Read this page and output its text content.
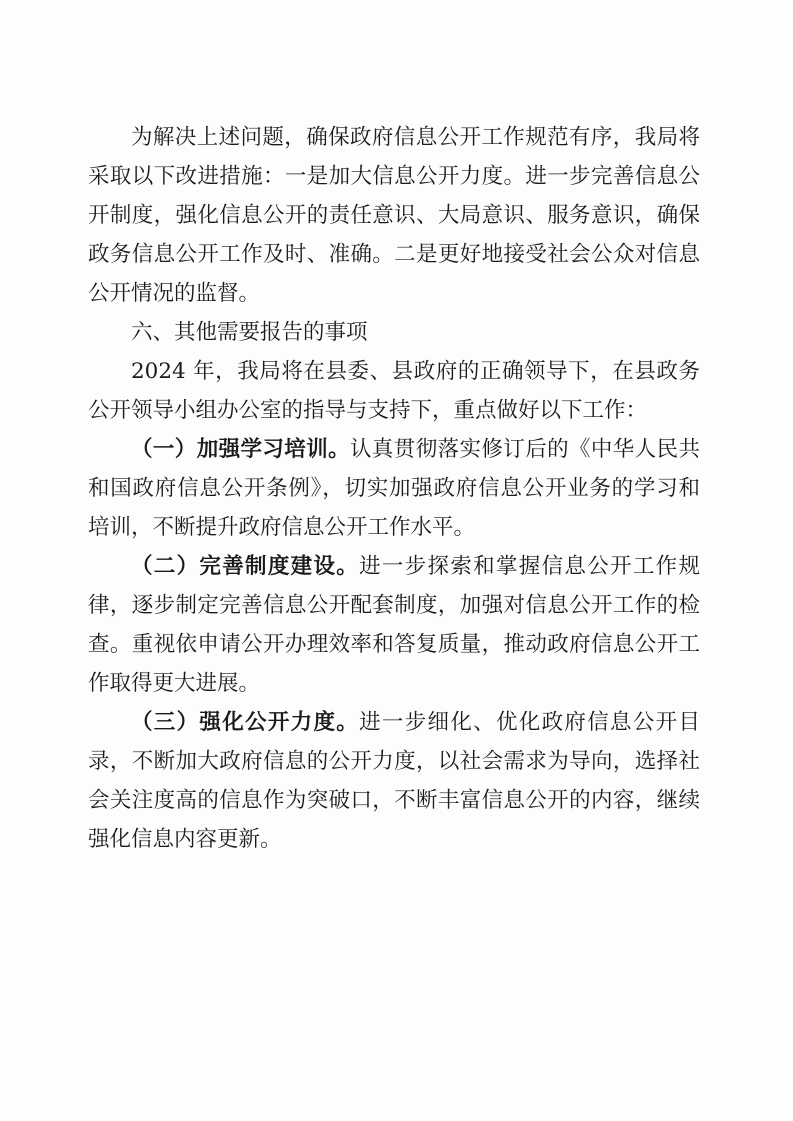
为解决上述问题，确保政府信息公开工作规范有序，我局将采取以下改进措施：一是加大信息公开力度。进一步完善信息公开制度，强化信息公开的责任意识、大局意识、服务意识，确保政务信息公开工作及时、准确。二是更好地接受社会公众对信息公开情况的监督。

六、其他需要报告的事项

2024 年，我局将在县委、县政府的正确领导下，在县政务公开领导小组办公室的指导与支持下，重点做好以下工作：

（一）加强学习培训。认真贯彻落实修订后的《中华人民共和国政府信息公开条例》，切实加强政府信息公开业务的学习和培训，不断提升政府信息公开工作水平。

（二）完善制度建设。进一步探索和掌握信息公开工作规律，逐步制定完善信息公开配套制度，加强对信息公开工作的检查。重视依申请公开办理效率和答复质量，推动政府信息公开工作取得更大进展。

（三）强化公开力度。进一步细化、优化政府信息公开目录，不断加大政府信息的公开力度，以社会需求为导向，选择社会关注度高的信息作为突破口，不断丰富信息公开的内容，继续强化信息内容更新。
